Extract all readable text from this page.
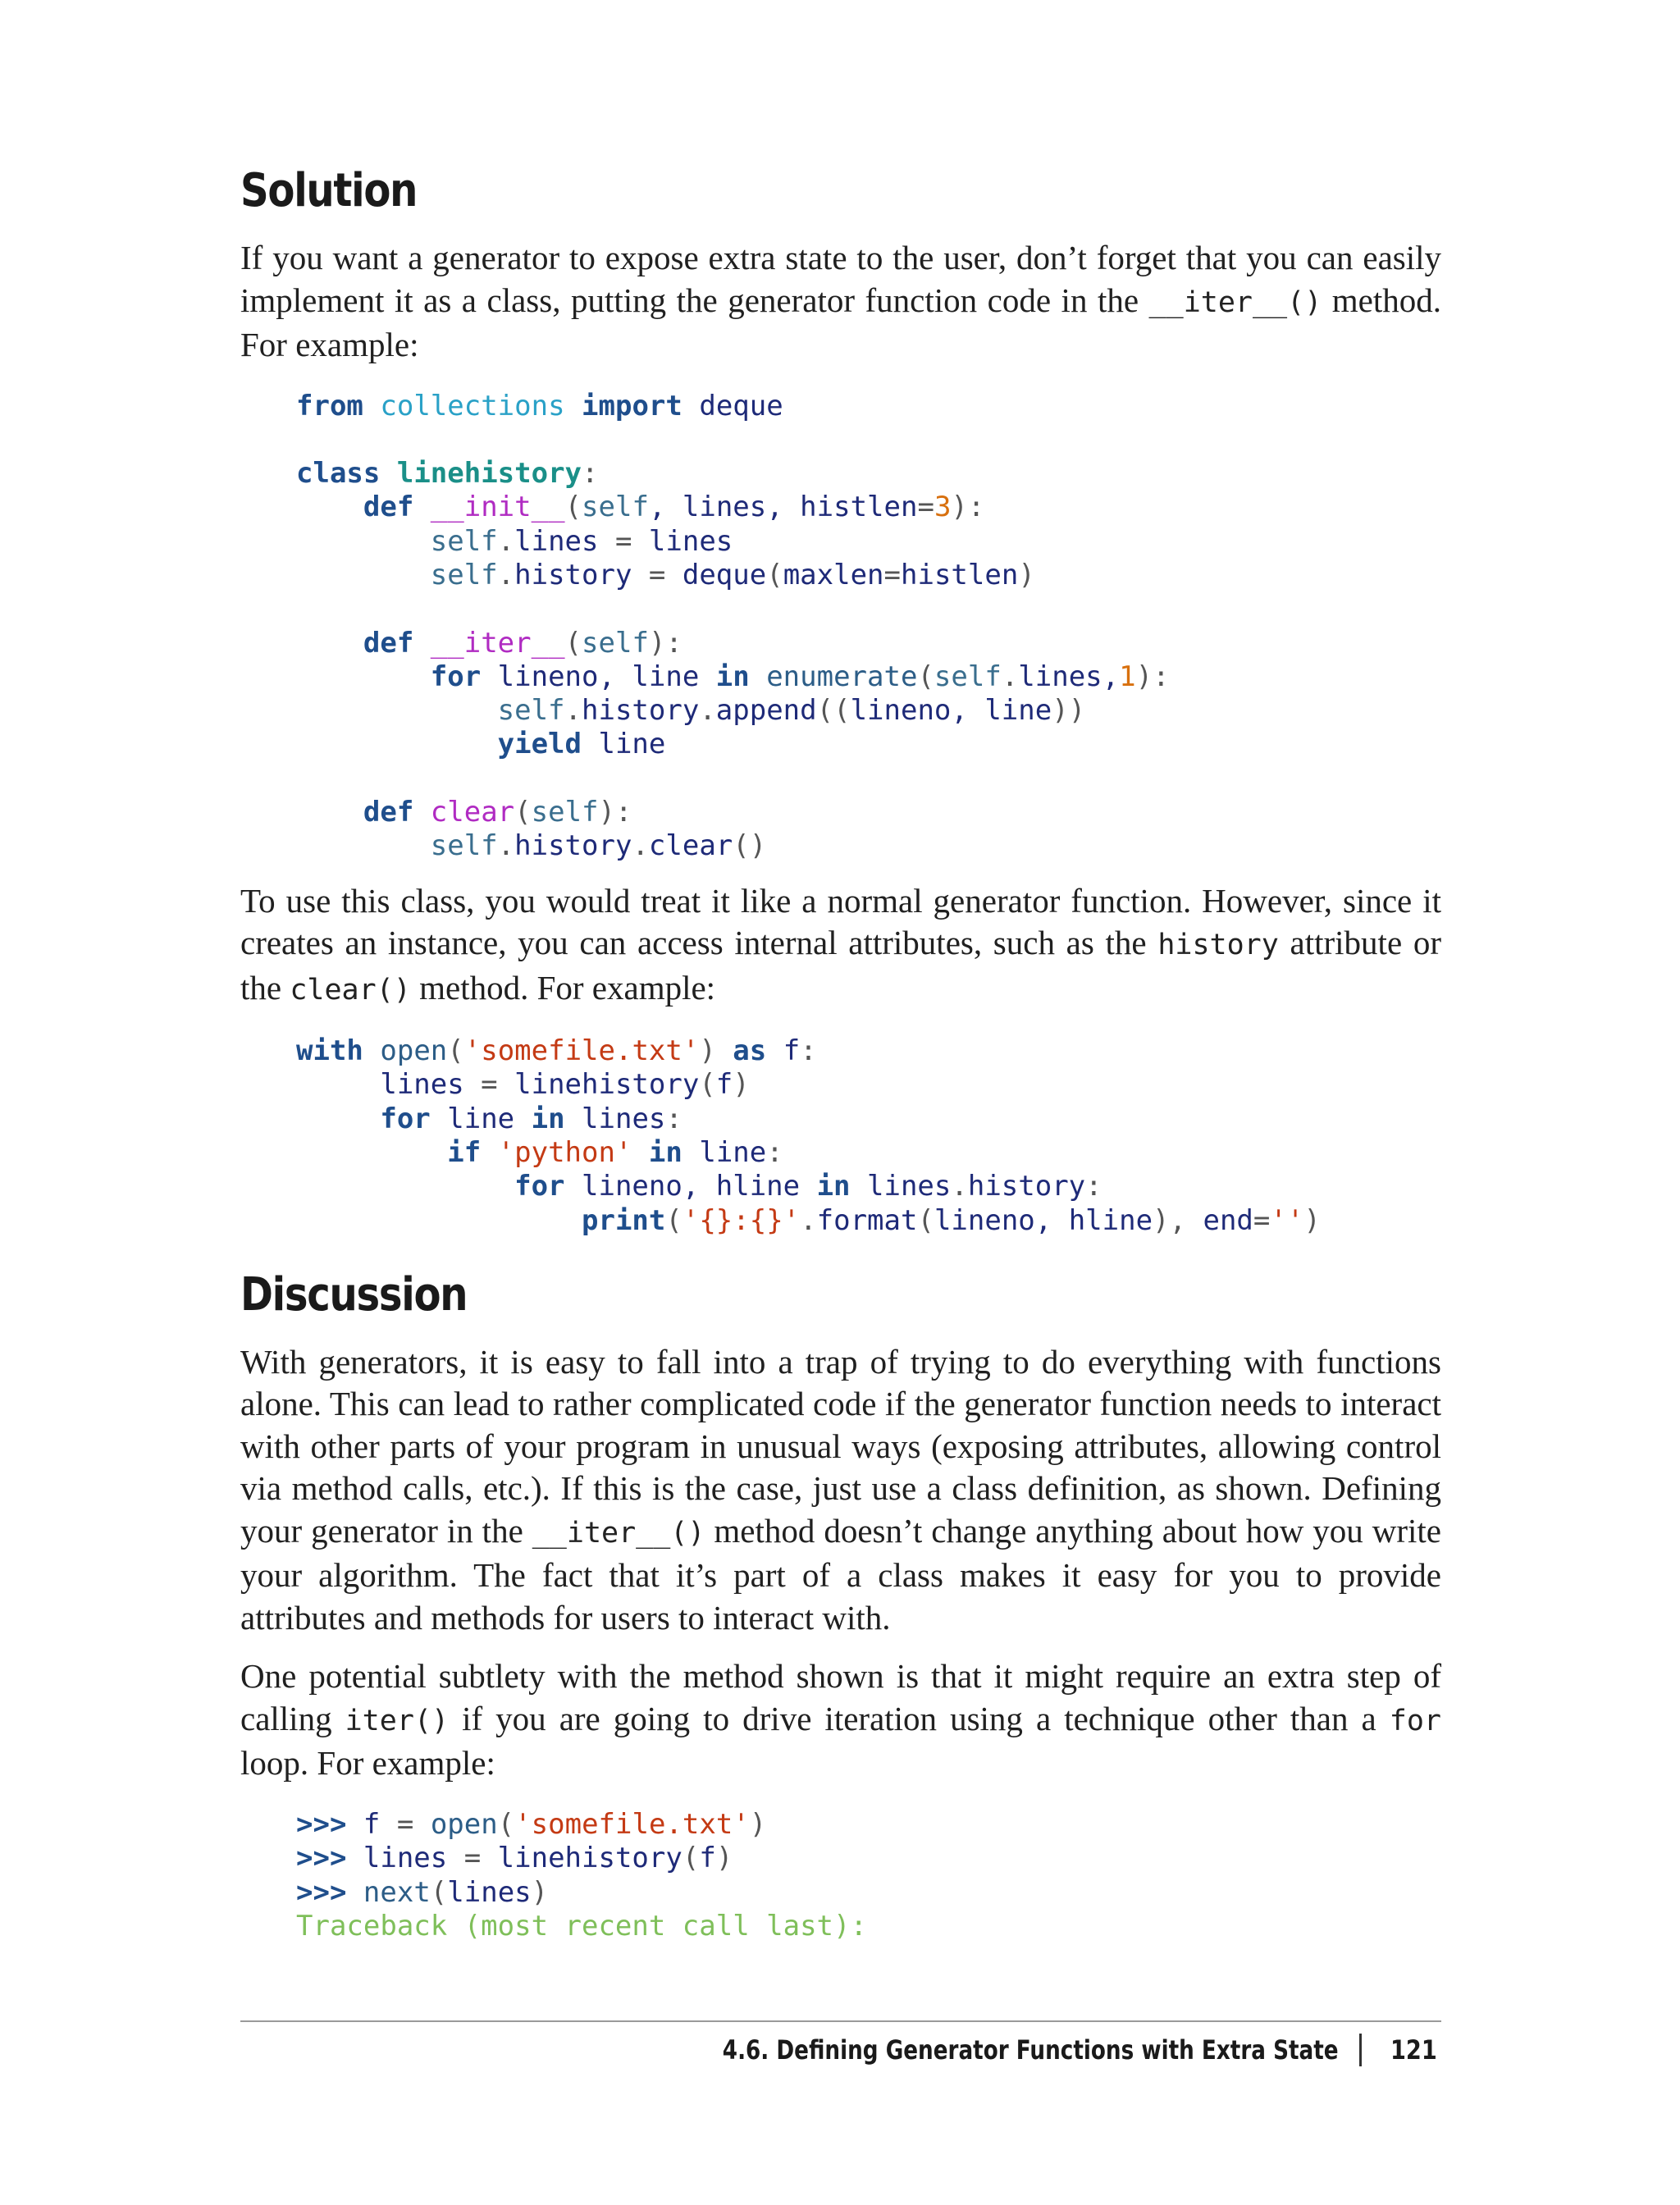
Solution

If you want a generator to expose extra state to the user, don’t forget that you can easily implement it as a class, putting the generator function code in the __iter__() method. For example:

from collections import deque

class linehistory:
def __init__(self, lines, histlen=3):
self.lines = lines
self.history = deque(maxlen=histlen)

def __iter__(self):
for lineno, line in enumerate(self.lines,1):
self.history.append((lineno, line))
yield line

def clear(self):
self.history.clear()

To use this class, you would treat it like a normal generator function. However, since it creates an instance, you can access internal attributes, such as the history attribute or the clear() method. For example:

with open('somefile.txt') as f:
lines = linehistory(f)
for line in lines:
if 'python' in line:
for lineno, hline in lines.history:
print('{}:{}'.format(lineno, hline), end='')
Discussion

With generators, it is easy to fall into a trap of trying to do everything with functions alone. This can lead to rather complicated code if the generator function needs to interact with other parts of your program in unusual ways (exposing attributes, allowing control via method calls, etc.). If this is the case, just use a class definition, as shown. Defining your generator in the __iter__() method doesn’t change anything about how you write your algorithm. The fact that it’s part of a class makes it easy for you to provide attributes and methods for users to interact with.

One potential subtlety with the method shown is that it might require an extra step of calling iter() if you are going to drive iteration using a technique other than a for loop. For example:

>>> f = open('somefile.txt')
>>> lines = linehistory(f)
>>> next(lines)
Traceback (most recent call last):
4.6. Defining Generator Functions with Extra State 121
